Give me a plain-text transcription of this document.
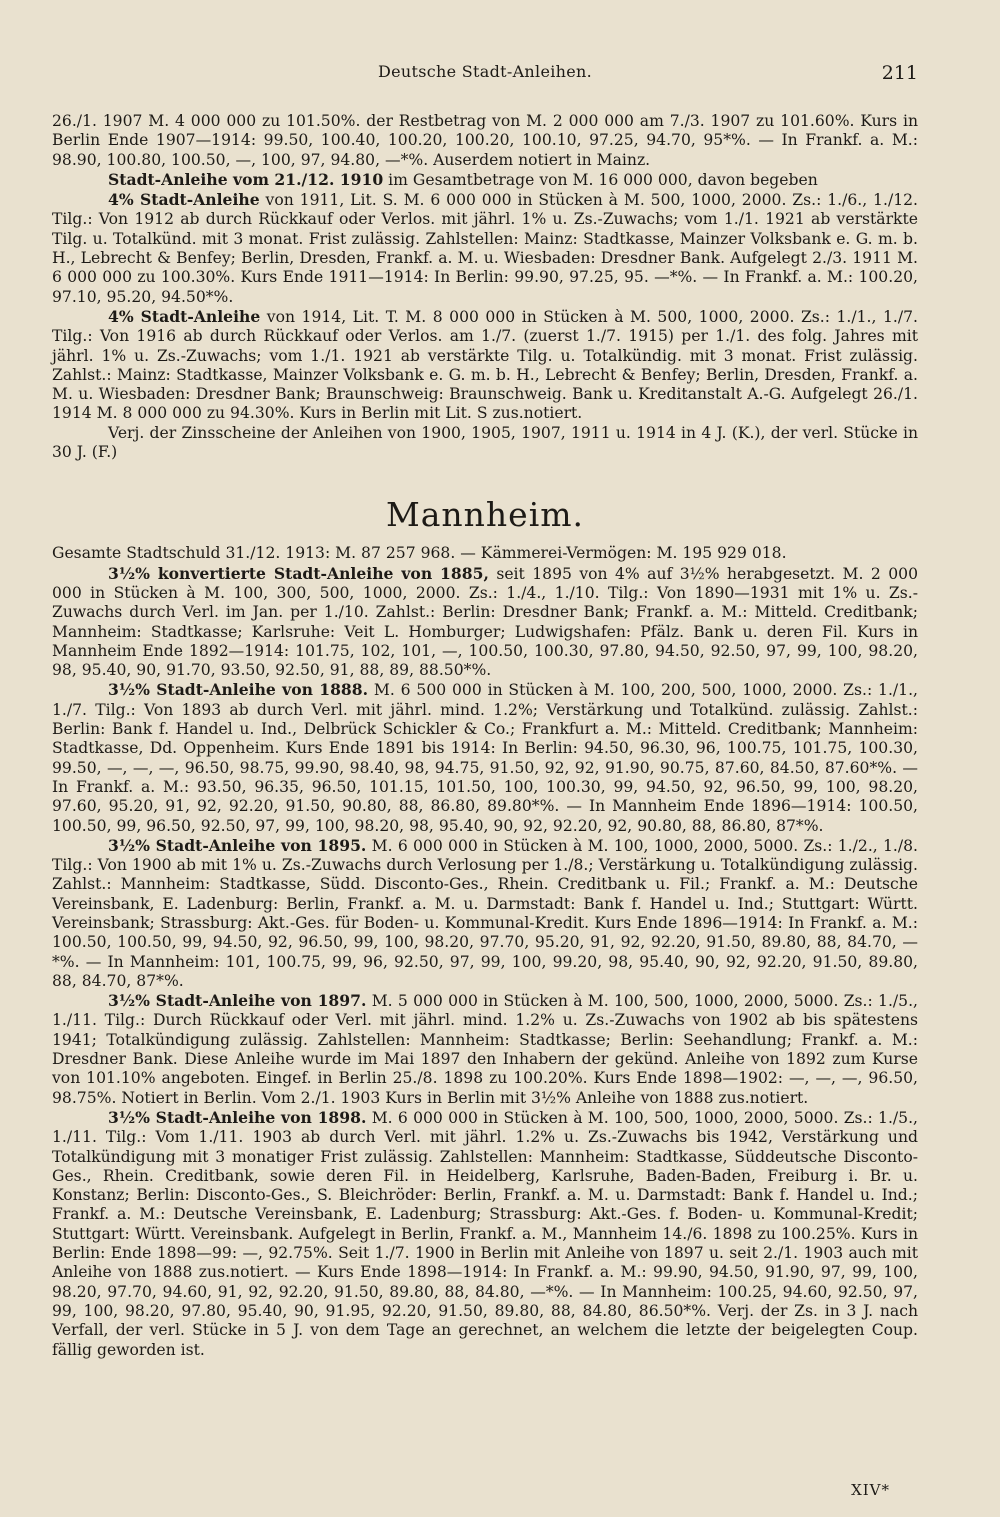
Deutsche Stadt-Anleihen.	211

26./1. 1907 M. 4 000 000 zu 101.50%. der Restbetrag von M. 2 000 000 am 7./3. 1907 zu 101.60%. Kurs in Berlin Ende 1907—1914: 99.50, 100.40, 100.20, 100.20, 100.10, 97.25, 94.70, 95*%. — In Frankf. a. M.: 98.90, 100.80, 100.50, —, 100, 97, 94.80, —*%. Auserdem notiert in Mainz.

Stadt-Anleihe vom 21./12. 1910 im Gesamtbetrage von M. 16 000 000, davon begeben

4% Stadt-Anleihe von 1911, Lit. S. M. 6 000 000 in Stücken à M. 500, 1000, 2000. Zs.: 1./6., 1./12. Tilg.: Von 1912 ab durch Rückkauf oder Verlos. mit jährl. 1% u. Zs.-Zuwachs; vom 1./1. 1921 ab verstärkte Tilg. u. Totalkünd. mit 3 monat. Frist zulässig. Zahlstellen: Mainz: Stadtkasse, Mainzer Volksbank e. G. m. b. H., Lebrecht & Benfey; Berlin, Dresden, Frankf. a. M. u. Wiesbaden: Dresdner Bank. Aufgelegt 2./3. 1911 M. 6 000 000 zu 100.30%. Kurs Ende 1911—1914: In Berlin: 99.90, 97.25, 95. —*%. — In Frankf. a. M.: 100.20, 97.10, 95.20, 94.50*%.

4% Stadt-Anleihe von 1914, Lit. T. M. 8 000 000 in Stücken à M. 500, 1000, 2000. Zs.: 1./1., 1./7. Tilg.: Von 1916 ab durch Rückkauf oder Verlos. am 1./7. (zuerst 1./7. 1915) per 1./1. des folg. Jahres mit jährl. 1% u. Zs.-Zuwachs; vom 1./1. 1921 ab verstärkte Tilg. u. Totalkündig. mit 3 monat. Frist zulässig. Zahlst.: Mainz: Stadtkasse, Mainzer Volksbank e. G. m. b. H., Lebrecht & Benfey; Berlin, Dresden, Frankf. a. M. u. Wiesbaden: Dresdner Bank; Braunschweig: Braunschweig. Bank u. Kreditanstalt A.-G. Aufgelegt 26./1. 1914 M. 8 000 000 zu 94.30%. Kurs in Berlin mit Lit. S zus.notiert.

Verj. der Zinsscheine der Anleihen von 1900, 1905, 1907, 1911 u. 1914 in 4 J. (K.), der verl. Stücke in 30 J. (F.)

Mannheim.

Gesamte Stadtschuld 31./12. 1913: M. 87 257 968. — Kämmerei-Vermögen: M. 195 929 018.

3½% konvertierte Stadt-Anleihe von 1885, seit 1895 von 4% auf 3½% herabgesetzt. M. 2 000 000 in Stücken à M. 100, 300, 500, 1000, 2000. Zs.: 1./4., 1./10. Tilg.: Von 1890—1931 mit 1% u. Zs.-Zuwachs durch Verl. im Jan. per 1./10. Zahlst.: Berlin: Dresdner Bank; Frankf. a. M.: Mitteld. Creditbank; Mannheim: Stadtkasse; Karlsruhe: Veit L. Homburger; Ludwigshafen: Pfälz. Bank u. deren Fil. Kurs in Mannheim Ende 1892—1914: 101.75, 102, 101, —, 100.50, 100.30, 97.80, 94.50, 92.50, 97, 99, 100, 98.20, 98, 95.40, 90, 91.70, 93.50, 92.50, 91, 88, 89, 88.50*%.

3½% Stadt-Anleihe von 1888. M. 6 500 000 in Stücken à M. 100, 200, 500, 1000, 2000. Zs.: 1./1., 1./7. Tilg.: Von 1893 ab durch Verl. mit jährl. mind. 1.2%; Verstärkung und Totalkünd. zulässig. Zahlst.: Berlin: Bank f. Handel u. Ind., Delbrück Schickler & Co.; Frankfurt a. M.: Mitteld. Creditbank; Mannheim: Stadtkasse, Dd. Oppenheim. Kurs Ende 1891 bis 1914: In Berlin: 94.50, 96.30, 96, 100.75, 101.75, 100.30, 99.50, —, —, —, 96.50, 98.75, 99.90, 98.40, 98, 94.75, 91.50, 92, 92, 91.90, 90.75, 87.60, 84.50, 87.60*%. — In Frankf. a. M.: 93.50, 96.35, 96.50, 101.15, 101.50, 100, 100.30, 99, 94.50, 92, 96.50, 99, 100, 98.20, 97.60, 95.20, 91, 92, 92.20, 91.50, 90.80, 88, 86.80, 89.80*%. — In Mannheim Ende 1896—1914: 100.50, 100.50, 99, 96.50, 92.50, 97, 99, 100, 98.20, 98, 95.40, 90, 92, 92.20, 92, 90.80, 88, 86.80, 87*%.

3½% Stadt-Anleihe von 1895. M. 6 000 000 in Stücken à M. 100, 1000, 2000, 5000. Zs.: 1./2., 1./8. Tilg.: Von 1900 ab mit 1% u. Zs.-Zuwachs durch Verlosung per 1./8.; Verstärkung u. Totalkündigung zulässig. Zahlst.: Mannheim: Stadtkasse, Südd. Disconto-Ges., Rhein. Creditbank u. Fil.; Frankf. a. M.: Deutsche Vereinsbank, E. Ladenburg: Berlin, Frankf. a. M. u. Darmstadt: Bank f. Handel u. Ind.; Stuttgart: Württ. Vereinsbank; Strassburg: Akt.-Ges. für Boden- u. Kommunal-Kredit. Kurs Ende 1896—1914: In Frankf. a. M.: 100.50, 100.50, 99, 94.50, 92, 96.50, 99, 100, 98.20, 97.70, 95.20, 91, 92, 92.20, 91.50, 89.80, 88, 84.70, —*%. — In Mannheim: 101, 100.75, 99, 96, 92.50, 97, 99, 100, 99.20, 98, 95.40, 90, 92, 92.20, 91.50, 89.80, 88, 84.70, 87*%.

3½% Stadt-Anleihe von 1897. M. 5 000 000 in Stücken à M. 100, 500, 1000, 2000, 5000. Zs.: 1./5., 1./11. Tilg.: Durch Rückkauf oder Verl. mit jährl. mind. 1.2% u. Zs.-Zuwachs von 1902 ab bis spätestens 1941; Totalkündigung zulässig. Zahlstellen: Mannheim: Stadtkasse; Berlin: Seehandlung; Frankf. a. M.: Dresdner Bank. Diese Anleihe wurde im Mai 1897 den Inhabern der gekünd. Anleihe von 1892 zum Kurse von 101.10% angeboten. Eingef. in Berlin 25./8. 1898 zu 100.20%. Kurs Ende 1898—1902: —, —, —, 96.50, 98.75%. Notiert in Berlin. Vom 2./1. 1903 Kurs in Berlin mit 3½% Anleihe von 1888 zus.notiert.

3½% Stadt-Anleihe von 1898. M. 6 000 000 in Stücken à M. 100, 500, 1000, 2000, 5000. Zs.: 1./5., 1./11. Tilg.: Vom 1./11. 1903 ab durch Verl. mit jährl. 1.2% u. Zs.-Zuwachs bis 1942, Verstärkung und Totalkündigung mit 3 monatiger Frist zulässig. Zahlstellen: Mannheim: Stadtkasse, Süddeutsche Disconto-Ges., Rhein. Creditbank, sowie deren Fil. in Heidelberg, Karlsruhe, Baden-Baden, Freiburg i. Br. u. Konstanz; Berlin: Disconto-Ges., S. Bleichröder: Berlin, Frankf. a. M. u. Darmstadt: Bank f. Handel u. Ind.; Frankf. a. M.: Deutsche Vereinsbank, E. Ladenburg; Strassburg: Akt.-Ges. f. Boden- u. Kommunal-Kredit; Stuttgart: Württ. Vereinsbank. Aufgelegt in Berlin, Frankf. a. M., Mannheim 14./6. 1898 zu 100.25%. Kurs in Berlin: Ende 1898—99: —, 92.75%. Seit 1./7. 1900 in Berlin mit Anleihe von 1897 u. seit 2./1. 1903 auch mit Anleihe von 1888 zus.notiert. — Kurs Ende 1898—1914: In Frankf. a. M.: 99.90, 94.50, 91.90, 97, 99, 100, 98.20, 97.70, 94.60, 91, 92, 92.20, 91.50, 89.80, 88, 84.80, —*%. — In Mannheim: 100.25, 94.60, 92.50, 97, 99, 100, 98.20, 97.80, 95.40, 90, 91.95, 92.20, 91.50, 89.80, 88, 84.80, 86.50*%. Verj. der Zs. in 3 J. nach Verfall, der verl. Stücke in 5 J. von dem Tage an gerechnet, an welchem die letzte der beigelegten Coup. fällig geworden ist.

XIV*
